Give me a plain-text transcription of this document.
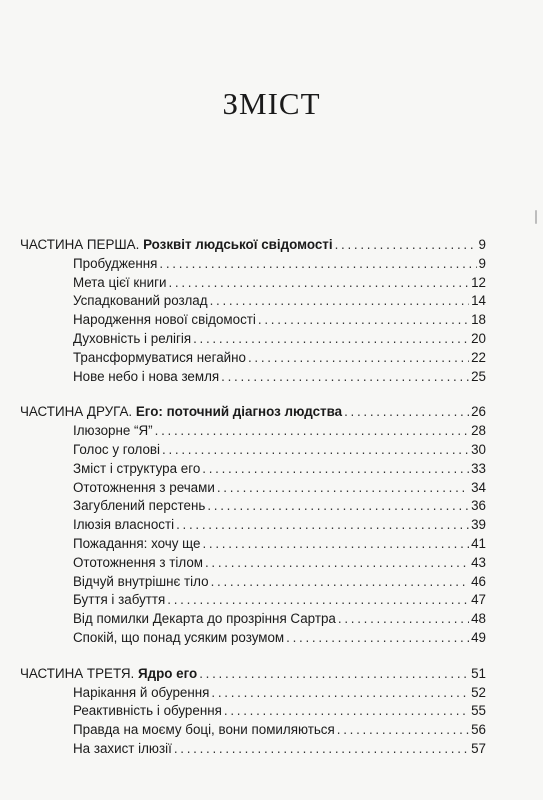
ЗМІСТ
ЧАСТИНА ПЕРША. Розквіт людської свідомості . . .	9
Пробудження . . .	9
Мета цієї книги . . .	12
Успадкований розлад . . .	14
Народження нової свідомості . . .	18
Духовність і релігія . . .	20
Трансформуватися негайно . . .	22
Нове небо і нова земля . . .	25
ЧАСТИНА ДРУГА. Его: поточний діагноз людства . . .	26
Ілюзорне “Я” . . .	28
Голос у голові . . .	30
Зміст і структура его . . .	33
Ототожнення з речами . . .	34
Загублений перстень . . .	36
Ілюзія власності . . .	39
Пожадання: хочу ще . . .	41
Ототожнення з тілом . . .	43
Відчуй внутрішнє тіло . . .	46
Буття і забуття . . .	47
Від помилки Декарта до прозріння Сартра . . .	48
Спокій, що понад усяким розумом . . .	49
ЧАСТИНА ТРЕТЯ. Ядро его . . .	51
Нарікання й обурення . . .	52
Реактивність і обурення . . .	55
Правда на моєму боці, вони помиляються . . .	56
На захист ілюзії . . .	57
